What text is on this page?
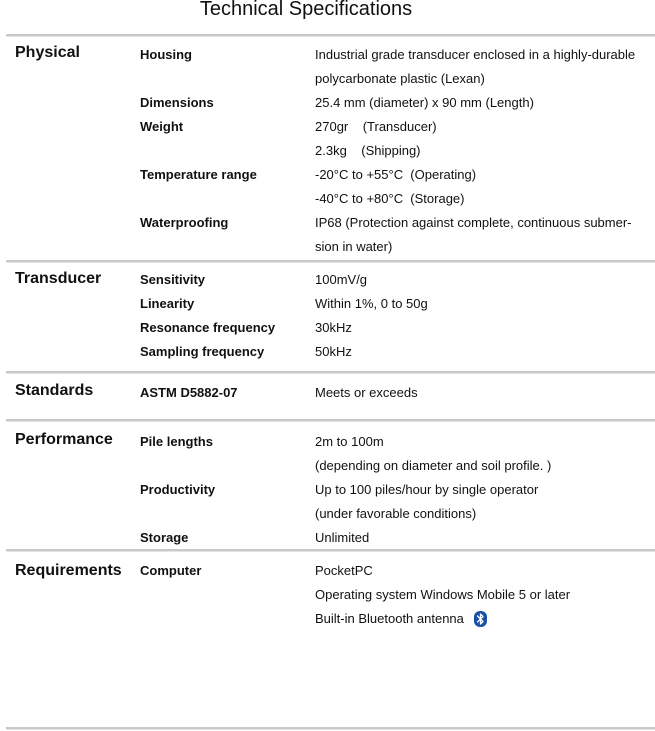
Technical Specifications
Physical	Housing	Industrial grade transducer enclosed in a highly-durable
polycarbonate plastic (Lexan)
Dimensions	25.4 mm (diameter) x 90 mm (Length)
Weight	270gr    (Transducer)
2.3kg    (Shipping)
Temperature range	-20°C to +55°C  (Operating)
-40°C to +80°C  (Storage)
Waterproofing	IP68 (Protection against complete, continuous submer-
sion in water)
Transducer	Sensitivity	100mV/g
Linearity	Within 1%, 0 to 50g
Resonance frequency	30kHz
Sampling frequency	50kHz
Standards	ASTM D5882-07	Meets or exceeds
Performance Pile lengths	2m to 100m
(depending on diameter and soil profile. )
Productivity	Up to 100 piles/hour by single operator
(under favorable conditions)
Storage	Unlimited
Requirements Computer	PocketPC
Operating system Windows Mobile 5 or later
Built-in Bluetooth antenna
